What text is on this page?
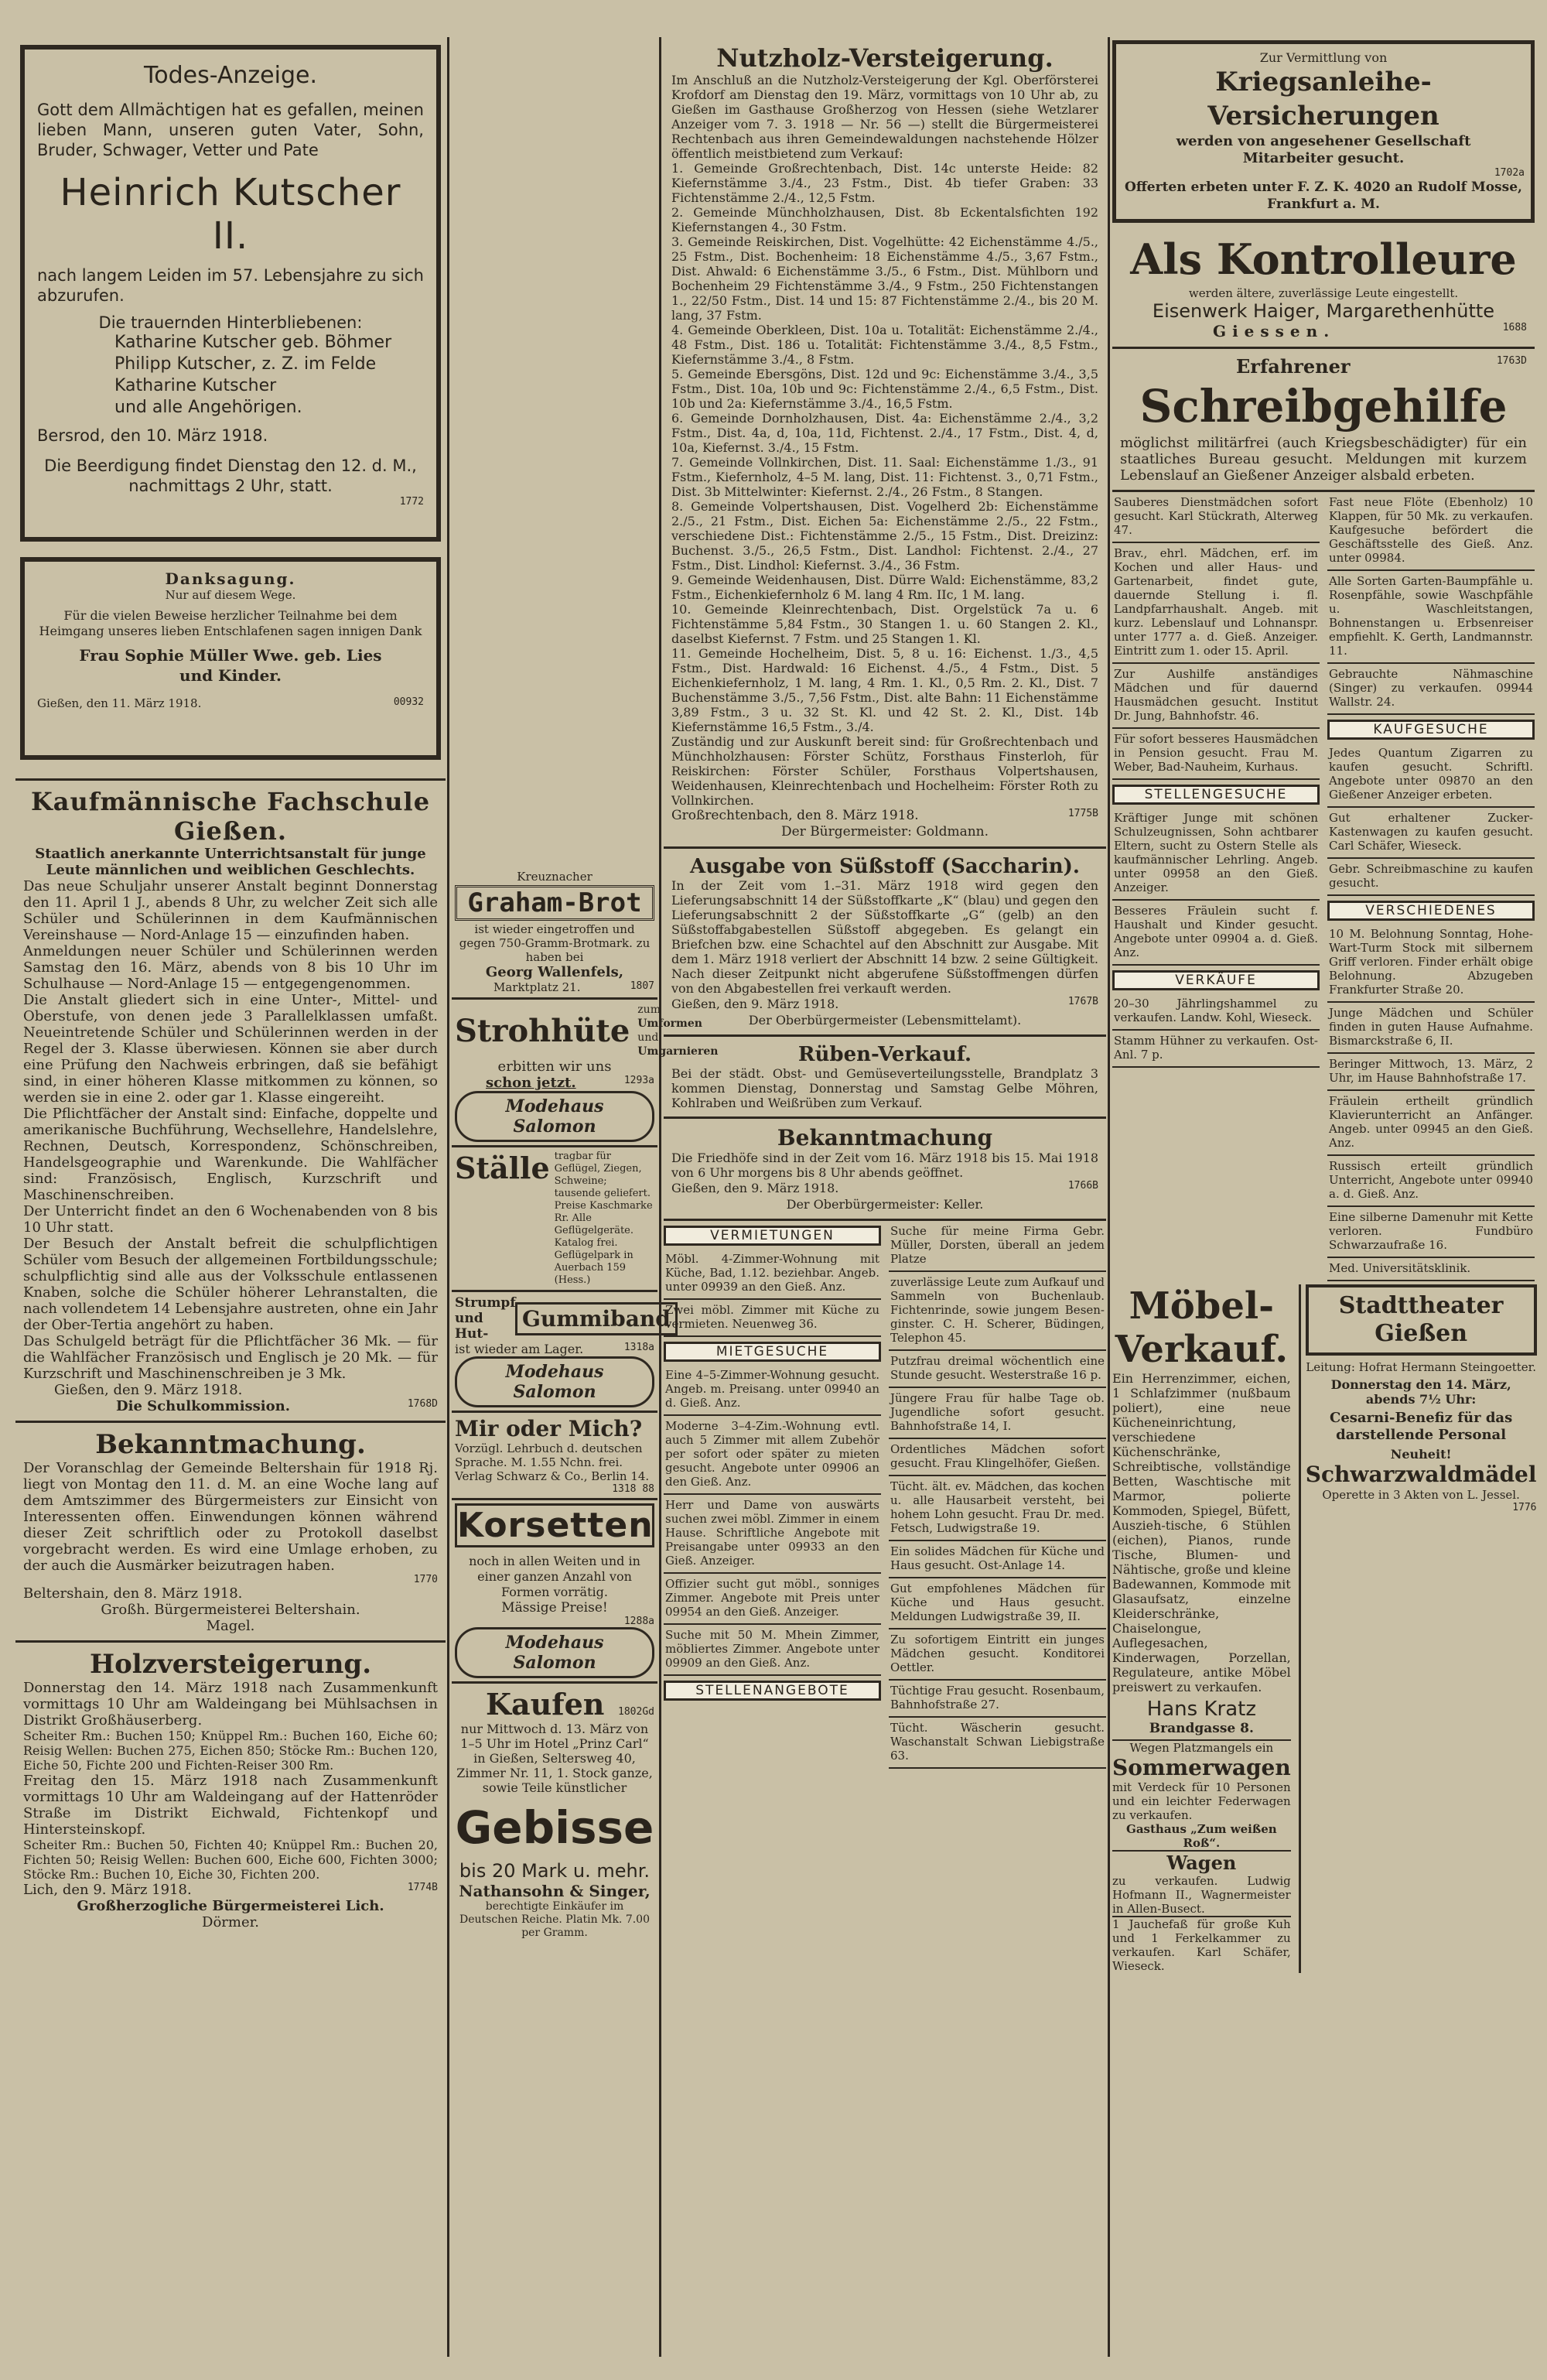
Todes-Anzeige.

Gott dem Allmächtigen hat es gefallen, meinen lieben Mann, unseren guten Vater, Sohn, Bruder, Schwager, Vetter und Pate

Heinrich Kutscher II.

nach langem Leiden im 57. Lebensjahre zu sich abzurufen.

Die trauernden Hinterbliebenen:

Katharine Kutscher geb. Böhmer

Philipp Kutscher, z. Z. im Felde

Katharine Kutscher

und alle Angehörigen.

Bersrod, den 10. März 1918.

Die Beerdigung findet Dienstag den 12. d. M., nachmittags 2 Uhr, statt.

1772

Danksagung.

Nur auf diesem Wege.

Für die vielen Beweise herzlicher Teilnahme bei dem Heimgang unseres lieben Entschlafenen sagen innigen Dank

Frau Sophie Müller Wwe. geb. Lies und Kinder.

Gießen, den 11. März 1918.	00932

Kaufmännische Fachschule Gießen.

Staatlich anerkannte Unterrichtsanstalt für junge Leute männlichen und weiblichen Geschlechts.

Das neue Schuljahr unserer Anstalt beginnt Donnerstag den 11. April 1 J., abends 8 Uhr, zu welcher Zeit sich alle Schüler und Schülerinnen in dem Kaufmännischen Vereinshause — Nord-Anlage 15 — einzufinden haben.

Anmeldungen neuer Schüler und Schülerinnen werden Samstag den 16. März, abends von 8 bis 10 Uhr im Schulhause — Nord-Anlage 15 — entgegengenommen.

Die Anstalt gliedert sich in eine Unter-, Mittel- und Oberstufe, von denen jede 3 Parallelklassen umfaßt. Neueintretende Schüler und Schülerinnen werden in der Regel der 3. Klasse überwiesen. Können sie aber durch eine Prüfung den Nachweis erbringen, daß sie befähigt sind, in einer höheren Klasse mitkommen zu können, so werden sie in eine 2. oder gar 1. Klasse eingereiht.

Die Pflichtfächer der Anstalt sind: Einfache, doppelte und amerikanische Buchführung, Wechsellehre, Handelslehre, Rechnen, Deutsch, Korrespondenz, Schönschreiben, Handelsgeographie und Warenkunde. Die Wahlfächer sind: Französisch, Englisch, Kurzschrift und Maschinenschreiben.

Der Unterricht findet an den 6 Wochenabenden von 8 bis 10 Uhr statt.

Der Besuch der Anstalt befreit die schulpflichtigen Schüler vom Besuch der allgemeinen Fortbildungsschule; schulpflichtig sind alle aus der Volksschule entlassenen Knaben, solche die Schüler höherer Lehranstalten, die nach vollendetem 14 Lebensjahre austreten, ohne ein Jahr der Ober-Tertia angehört zu haben.

Das Schulgeld beträgt für die Pflichtfächer 36 Mk. — für die Wahlfächer Französisch und Englisch je 20 Mk. — für Kurzschrift und Maschinenschreiben je 3 Mk.

Gießen, den 9. März 1918.

Die Schulkommission.	1768D

Bekanntmachung.

Der Voranschlag der Gemeinde Beltershain für 1918 Rj. liegt von Montag den 11. d. M. an eine Woche lang auf dem Amtszimmer des Bürgermeisters zur Einsicht von Interessenten offen. Einwendungen können während dieser Zeit schriftlich oder zu Protokoll daselbst vorgebracht werden. Es wird eine Umlage erhoben, zu der auch die Ausmärker beizutragen haben.

1770

Beltershain, den 8. März 1918.

Großh. Bürgermeisterei Beltershain.

Magel.

Holzversteigerung.

Donnerstag den 14. März 1918 nach Zusammenkunft vormittags 10 Uhr am Waldeingang bei Mühlsachsen in Distrikt Großhäuserberg.

Scheiter Rm.: Buchen 150; Knüppel Rm.: Buchen 160, Eiche 60; Reisig Wellen: Buchen 275, Eichen 850; Stöcke Rm.: Buchen 120, Eiche 50, Fichte 200 und Fichten-Reiser 300 Rm.

Freitag den 15. März 1918 nach Zusammenkunft vormittags 10 Uhr am Waldeingang auf der Hattenröder Straße im Distrikt Eichwald, Fichtenkopf und Hintersteinskopf.

Scheiter Rm.: Buchen 50, Fichten 40; Knüppel Rm.: Buchen 20, Fichten 50; Reisig Wellen: Buchen 600, Eiche 600, Fichten 3000; Stöcke Rm.: Buchen 10, Eiche 30, Fichten 200.

Lich, den 9. März 1918.	1774B

Großherzogliche Bürgermeisterei Lich.

Dörmer.

Kreuznacher

Graham-Brot

ist wieder eingetroffen und gegen 750-Gramm-Brotmark. zu haben bei

Georg Wallenfels,

Marktplatz 21.	1807
Strohhüte
zum
Umformen
und
Umgarnieren

erbitten wir uns

schon jetzt.	1293a
Modehaus Salomon
Ställe tragbar für Geflügel, Ziegen, Schweine; tausende geliefert. Preise Kaschmarke Rr. Alle Geflügelgeräte. Katalog frei. Geflügelpark in Auerbach 159 (Hess.)

Strumpf- und Hut-
Gummiband
ist wieder am Lager.	1318a
Modehaus Salomon

Mir oder Mich?

Vorzügl. Lehrbuch d. deutschen Sprache. M. 1.55 Nchn. frei. Verlag Schwarz & Co., Berlin 14.

1318 88

Korsetten

noch in allen Weiten und in einer ganzen Anzahl von Formen vorrätig.

Mässige Preise!

1288a

Modehaus Salomon
Kaufen 1802Gd

nur Mittwoch d. 13. März von 1–5 Uhr im Hotel „Prinz Carl“ in Gießen, Seltersweg 40, Zimmer Nr. 11, 1. Stock ganze, sowie Teile künstlicher

Gebisse

bis 20 Mark u. mehr.

Nathansohn & Singer,

berechtigte Einkäufer im Deutschen Reiche. Platin Mk. 7.00 per Gramm.

Nutzholz-Versteigerung.

Im Anschluß an die Nutzholz-Versteigerung der Kgl. Oberförsterei Krofdorf am Dienstag den 19. März, vormittags von 10 Uhr ab, zu Gießen im Gasthause Großherzog von Hessen (siehe Wetzlarer Anzeiger vom 7. 3. 1918 — Nr. 56 —) stellt die Bürgermeisterei Rechtenbach aus ihren Gemeindewaldungen nachstehende Hölzer öffentlich meistbietend zum Verkauf:

1. Gemeinde Großrechtenbach, Dist. 14c unterste Heide: 82 Kiefernstämme 3./4., 23 Fstm., Dist. 4b tiefer Graben: 33 Fichtenstämme 2./4., 12,5 Fstm.

2. Gemeinde Münchholzhausen, Dist. 8b Eckentalsfichten 192 Kiefernstangen 4., 30 Fstm.

3. Gemeinde Reiskirchen, Dist. Vogelhütte: 42 Eichenstämme 4./5., 25 Fstm., Dist. Bochenheim: 18 Eichenstämme 4./5., 3,67 Fstm., Dist. Ahwald: 6 Eichenstämme 3./5., 6 Fstm., Dist. Mühlborn und Bochenheim 29 Fichtenstämme 3./4., 9 Fstm., 250 Fichtenstangen 1., 22/50 Fstm., Dist. 14 und 15: 87 Fichtenstämme 2./4., bis 20 M. lang, 37 Fstm.

4. Gemeinde Oberkleen, Dist. 10a u. Totalität: Eichenstämme 2./4., 48 Fstm., Dist. 186 u. Totalität: Fichtenstämme 3./4., 8,5 Fstm., Kiefernstämme 3./4., 8 Fstm.

5. Gemeinde Ebersgöns, Dist. 12d und 9c: Eichenstämme 3./4., 3,5 Fstm., Dist. 10a, 10b und 9c: Fichtenstämme 2./4., 6,5 Fstm., Dist. 10b und 2a: Kiefernstämme 3./4., 16,5 Fstm.

6. Gemeinde Dornholzhausen, Dist. 4a: Eichenstämme 2./4., 3,2 Fstm., Dist. 4a, d, 10a, 11d, Fichtenst. 2./4., 17 Fstm., Dist. 4, d, 10a, Kiefernst. 3./4., 15 Fstm.

7. Gemeinde Vollnkirchen, Dist. 11. Saal: Eichenstämme 1./3., 91 Fstm., Kiefernholz, 4–5 M. lang, Dist. 11: Fichtenst. 3., 0,71 Fstm., Dist. 3b Mittelwinter: Kiefernst. 2./4., 26 Fstm., 8 Stangen.

8. Gemeinde Volpertshausen, Dist. Vogelherd 2b: Eichenstämme 2./5., 21 Fstm., Dist. Eichen 5a: Eichenstämme 2./5., 22 Fstm., verschiedene Dist.: Fichtenstämme 2./5., 15 Fstm., Dist. Dreizinz: Buchenst. 3./5., 26,5 Fstm., Dist. Landhol: Fichtenst. 2./4., 27 Fstm., Dist. Lindhol: Kiefernst. 3./4., 36 Fstm.

9. Gemeinde Weidenhausen, Dist. Dürre Wald: Eichenstämme, 83,2 Fstm., Eichenkiefernholz 6 M. lang 4 Rm. IIc, 1 M. lang.

10. Gemeinde Kleinrechtenbach, Dist. Orgelstück 7a u. 6 Fichtenstämme 5,84 Fstm., 30 Stangen 1. u. 60 Stangen 2. Kl., daselbst Kiefernst. 7 Fstm. und 25 Stangen 1. Kl.

11. Gemeinde Hochelheim, Dist. 5, 8 u. 16: Eichenst. 1./3., 4,5 Fstm., Dist. Hardwald: 16 Eichenst. 4./5., 4 Fstm., Dist. 5 Eichenkiefernholz, 1 M. lang, 4 Rm. 1. Kl., 0,5 Rm. 2. Kl., Dist. 7 Buchenstämme 3./5., 7,56 Fstm., Dist. alte Bahn: 11 Eichenstämme 3,89 Fstm., 3 u. 32 St. Kl. und 42 St. 2. Kl., Dist. 14b Kiefernstämme 16,5 Fstm., 3./4.

Zuständig und zur Auskunft bereit sind: für Großrechtenbach und Münchholzhausen: Förster Schütz, Forsthaus Finsterloh, für Reiskirchen: Förster Schüler, Forsthaus Volpertshausen, Weidenhausen, Kleinrechtenbach und Hochelheim: Förster Roth zu Vollnkirchen.

Großrechtenbach, den 8. März 1918.	1775B

Der Bürgermeister: Goldmann.

Ausgabe von Süßstoff (Saccharin).

In der Zeit vom 1.–31. März 1918 wird gegen den Lieferungsabschnitt 14 der Süßstoffkarte „K“ (blau) und gegen den Lieferungsabschnitt 2 der Süßstoffkarte „G“ (gelb) an den Süßstoffabgabestellen Süßstoff abgegeben. Es gelangt ein Briefchen bzw. eine Schachtel auf den Abschnitt zur Ausgabe. Mit dem 1. März 1918 verliert der Abschnitt 14 bzw. 2 seine Gültigkeit. Nach dieser Zeitpunkt nicht abgerufene Süßstoffmengen dürfen von den Abgabestellen frei verkauft werden.

Gießen, den 9. März 1918.	1767B

Der Oberbürgermeister (Lebensmittelamt).

Rüben-Verkauf.

Bei der städt. Obst- und Gemüseverteilungsstelle, Brandplatz 3 kommen Dienstag, Donnerstag und Samstag Gelbe Möhren, Kohlraben und Weißrüben zum Verkauf.

Bekanntmachung

Die Friedhöfe sind in der Zeit vom 16. März 1918 bis 15. Mai 1918 von 6 Uhr morgens bis 8 Uhr abends geöffnet.

Gießen, den 9. März 1918.	1766B

Der Oberbürgermeister: Keller.

VERMIETUNGEN
Möbl. 4-Zimmer-Wohnung mit Küche, Bad, 1.12. beziehbar. Angeb. unter 09939 an den Gieß. Anz.
Zwei möbl. Zimmer mit Küche zu vermieten. Neuenweg 36.
MIETGESUCHE
Eine 4–5-Zimmer-Wohnung gesucht. Angeb. m. Preisang. unter 09940 an d. Gieß. Anz.
Moderne 3–4-Zim.-Wohnung evtl. auch 5 Zimmer mit allem Zubehör per sofort oder später zu mieten gesucht. Angebote unter 09906 an den Gieß. Anz.
Herr und Dame von auswärts suchen zwei möbl. Zimmer in einem Hause. Schriftliche Angebote mit Preisangabe unter 09933 an den Gieß. Anzeiger.
Offizier sucht gut möbl., sonniges Zimmer. Angebote mit Preis unter 09954 an den Gieß. Anzeiger.
Suche mit 50 M. Mhein Zimmer, möbliertes Zimmer. Angebote unter 09909 an den Gieß. Anz.
STELLENANGEBOTE
Suche für meine Firma Gebr. Müller, Dorsten, überall an jedem Platze
zuverlässige Leute zum Aufkauf und Sammeln von Buchenlaub. Fichtenrinde, sowie jungem Besen-ginster. C. H. Scherer, Büdingen, Telephon 45.
Putzfrau dreimal wöchentlich eine Stunde gesucht. Westerstraße 16 p.
Jüngere Frau für halbe Tage ob. Jugendliche sofort gesucht. Bahnhofstraße 14, I.
Ordentliches Mädchen sofort gesucht. Frau Klingelhöfer, Gießen.
Tücht. ält. ev. Mädchen, das kochen u. alle Hausarbeit versteht, bei hohem Lohn gesucht. Frau Dr. med. Fetsch, Ludwigstraße 19.
Ein solides Mädchen für Küche und Haus gesucht. Ost-Anlage 14.
Gut empfohlenes Mädchen für Küche und Haus gesucht. Meldungen Ludwigstraße 39, II.
Zu sofortigem Eintritt ein junges Mädchen gesucht. Konditorei Oettler.
Tüchtige Frau gesucht. Rosenbaum, Bahnhofstraße 27.
Tücht. Wäscherin gesucht. Waschanstalt Schwan Liebigstraße 63.

Zur Vermittlung von

Kriegsanleihe-Versicherungen

werden von angesehener Gesellschaft Mitarbeiter gesucht.

1702a

Offerten erbeten unter F. Z. K. 4020 an Rudolf Mosse, Frankfurt a. M.

Als Kontrolleure

werden ältere, zuverlässige Leute eingestellt.

Eisenwerk Haiger, Margarethenhütte

Giessen.	1688
Erfahrener	1763D

Schreibgehilfe

möglichst militärfrei (auch Kriegsbeschädigter) für ein staatliches Bureau gesucht. Meldungen mit kurzem Lebenslauf an Gießener Anzeiger alsbald erbeten.

Sauberes Dienstmädchen sofort gesucht. Karl Stückrath, Alterweg 47.
Brav., ehrl. Mädchen, erf. im Kochen und aller Haus- und Gartenarbeit, findet gute, dauernde Stellung i. fl. Landpfarrhaushalt. Angeb. mit kurz. Lebenslauf und Lohnanspr. unter 1777 a. d. Gieß. Anzeiger. Eintritt zum 1. oder 15. April.
Zur Aushilfe anständiges Mädchen und für dauernd Hausmädchen gesucht. Institut Dr. Jung, Bahnhofstr. 46.
Für sofort besseres Hausmädchen in Pension gesucht. Frau M. Weber, Bad-Nauheim, Kurhaus.
STELLENGESUCHE
Kräftiger Junge mit schönen Schulzeugnissen, Sohn achtbarer Eltern, sucht zu Ostern Stelle als kaufmännischer Lehrling. Angeb. unter 09958 an den Gieß. Anzeiger.
Besseres Fräulein sucht f. Haushalt und Kinder gesucht. Angebote unter 09904 a. d. Gieß. Anz.
VERKÄUFE
20–30 Jährlingshammel zu verkaufen. Landw. Kohl, Wieseck.
Stamm Hühner zu verkaufen. Ost-Anl. 7 p.
Fast neue Flöte (Ebenholz) 10 Klappen, für 50 Mk. zu verkaufen. Kaufgesuche befördert die Geschäftsstelle des Gieß. Anz. unter 09984.
Alle Sorten Garten-Baumpfähle u. Rosenpfähle, sowie Waschpfähle u. Waschleitstangen, Bohnenstangen u. Erbsenreiser empfiehlt. K. Gerth, Landmannstr. 11.
Gebrauchte Nähmaschine (Singer) zu verkaufen. 09944 Wallstr. 24.
KAUFGESUCHE
Jedes Quantum Zigarren zu kaufen gesucht. Schriftl. Angebote unter 09870 an den Gießener Anzeiger erbeten.
Gut erhaltener Zucker-Kastenwagen zu kaufen gesucht. Carl Schäfer, Wieseck.
Gebr. Schreibmaschine zu kaufen gesucht.
VERSCHIEDENES
10 M. Belohnung Sonntag, Hohe-Wart-Turm Stock mit silbernem Griff verloren. Finder erhält obige Belohnung. Abzugeben Frankfurter Straße 20.
Junge Mädchen und Schüler finden in guten Hause Aufnahme. Bismarckstraße 6, II.
Beringer Mittwoch, 13. März, 2 Uhr, im Hause Bahnhofstraße 17.
Fräulein ertheilt gründlich Klavierunterricht an Anfänger. Angeb. unter 09945 an den Gieß. Anz.
Russisch erteilt gründlich Unterricht, Angebote unter 09940 a. d. Gieß. Anz.
Eine silberne Damenuhr mit Kette verloren. Fundbüro Schwarzaufraße 16.
Med. Universitätsklinik.

Möbel-Verkauf.

Ein Herrenzimmer, eichen, 1 Schlafzimmer (nußbaum poliert), eine neue Kücheneinrichtung, verschiedene Küchenschränke, Schreibtische, vollständige Betten, Waschtische mit Marmor, polierte Kommoden, Spiegel, Büfett, Auszieh-tische, 6 Stühlen (eichen), Pianos, runde Tische, Blumen- und Nähtische, große und kleine Badewannen, Kommode mit Glasaufsatz, einzelne Kleiderschränke, Chaiselongue, Auflegesachen, Kinderwagen, Porzellan, Regulateure, antike Möbel preiswert zu verkaufen.

Hans Kratz

Brandgasse 8.

Wegen Platzmangels ein

Sommerwagen

mit Verdeck für 10 Personen und ein leichter Federwagen zu verkaufen.

Gasthaus „Zum weißen Roß“.

Wagen

zu verkaufen. Ludwig Hofmann II., Wagnermeister in Allen-Busect.

1 Jauchefaß für große Kuh und 1 Ferkelkammer zu verkaufen. Karl Schäfer, Wieseck.

Stadttheater Gießen

Leitung: Hofrat Hermann Steingoetter.

Donnerstag den 14. März, abends 7½ Uhr:

Cesarni-Benefiz für das darstellende Personal

Neuheit!

Schwarzwaldmädel

Operette in 3 Akten von L. Jessel.

1776
